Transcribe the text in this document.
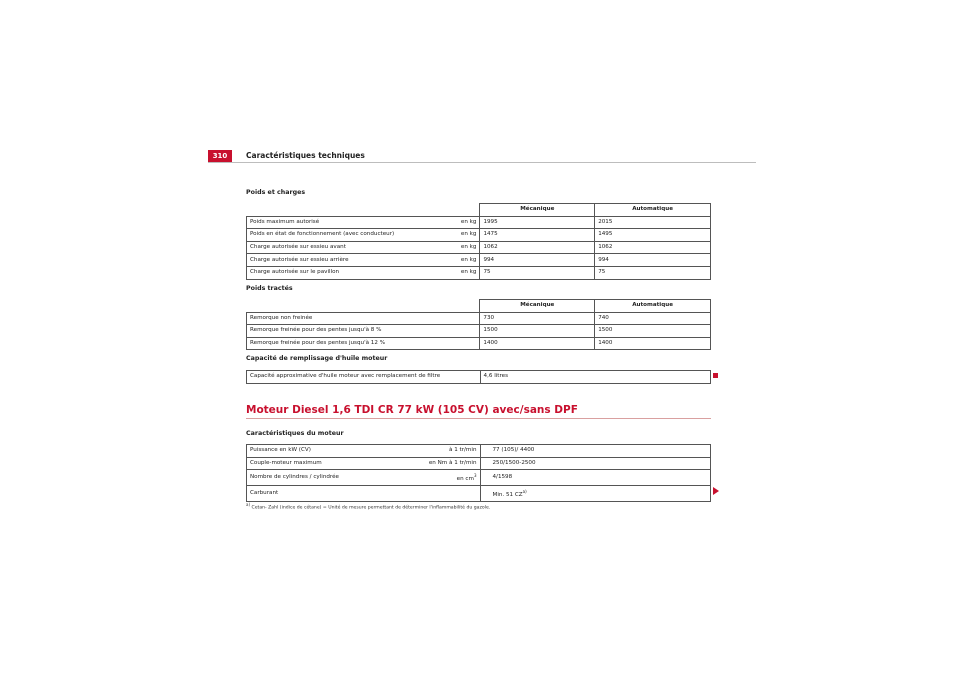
310	Caractéristiques techniques
Poids et charges
		Mécanique	Automatique
Poids maximum autorisé	en kg	1995	2015
Poids en état de fonctionnement (avec conducteur)	en kg	1475	1495
Charge autorisée sur essieu avant	en kg	1062	1062
Charge autorisée sur essieu arrière	en kg	994	994
Charge autorisée sur le pavillon	en kg	75	75
Poids tractés
	Mécanique	Automatique
Remorque non freinée	730	740
Remorque freinée pour des pentes jusqu'à 8 %	1500	1500
Remorque freinée pour des pentes jusqu'à 12 %	1400	1400
Capacité de remplissage d'huile moteur
Capacité approximative d'huile moteur avec remplacement de filtre	4,6 litres
Moteur Diesel 1,6 TDI CR 77 kW (105 CV) avec/sans DPF
Caractéristiques du moteur
Puissance en kW (CV)	à 1 tr/min	77 (105)/ 4400
Couple-moteur maximum	en Nm à 1 tr/min	250/1500-2500
Nombre de cylindres / cylindrée	en $cm^3$	4/1598
Carburant		Min. 51 CZ$^{a)}$
$^{a)}$ Cetan- Zahl (indice de cétane) = Unité de mesure permettant de déterminer l'inflammabilité du gazole.
